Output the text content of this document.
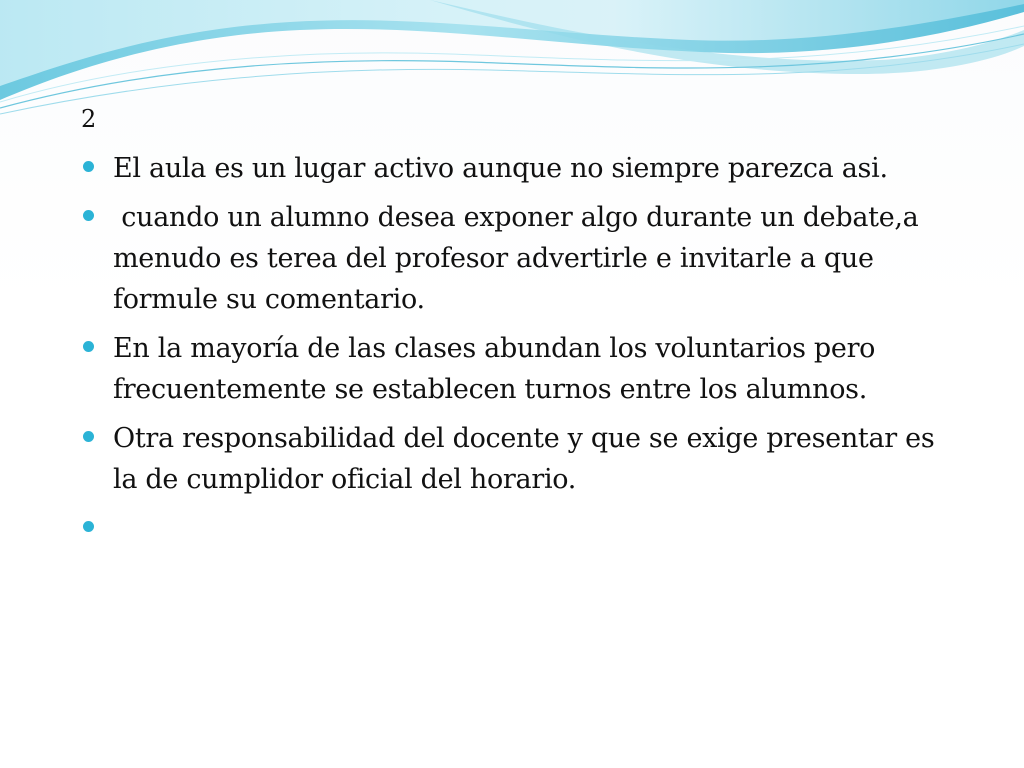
2
El aula es un lugar activo aunque no siempre parezca asi.
cuando un alumno desea exponer algo durante un debate,a menudo es terea del profesor advertirle e invitarle a que formule su comentario.
En la mayoría de las clases abundan los voluntarios pero frecuentemente se establecen turnos entre los alumnos.
Otra responsabilidad del docente y que se exige presentar es la de cumplidor oficial del horario.
